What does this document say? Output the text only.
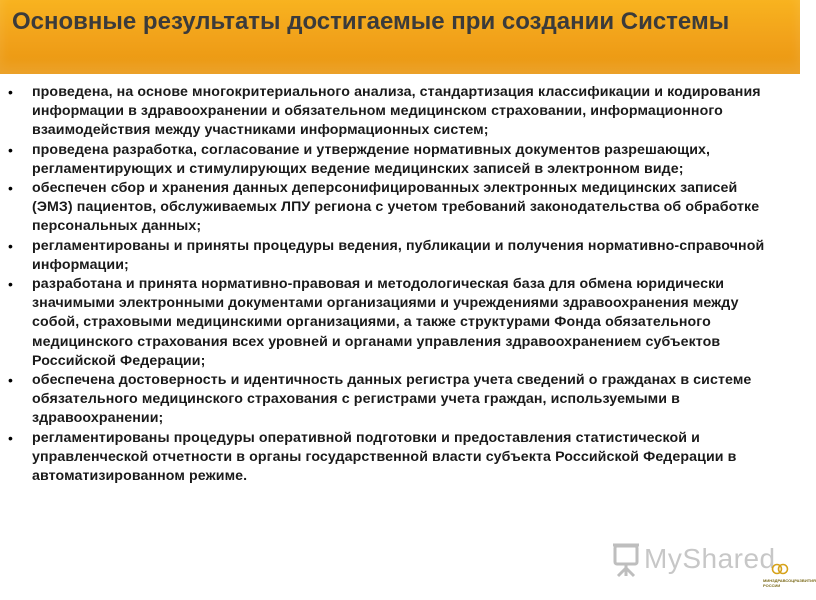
Основные результаты достигаемые при создании Системы
• проведена, на основе многокритериального анализа, стандартизация классификации и кодирования информации в здравоохранении и обязательном медицинском страховании, информационного взаимодействия между участниками информационных систем;
• проведена разработка, согласование и утверждение нормативных документов разрешающих, регламентирующих и стимулирующих ведение медицинских записей в электронном виде;
• обеспечен сбор и хранения данных деперсонифицированных электронных медицинских записей (ЭМЗ) пациентов, обслуживаемых ЛПУ региона с учетом требований законодательства об обработке персональных данных;
• регламентированы и приняты процедуры ведения, публикации и получения нормативно-справочной информации;
• разработана и принята нормативно-правовая и методологическая база для обмена юридически значимыми электронными документами организациями и учреждениями здравоохранения между собой, страховыми медицинскими организациями, а также структурами Фонда обязательного медицинского страхования всех уровней и органами управления здравоохранением субъектов Российской Федерации;
• обеспечена достоверность и идентичность данных регистра учета сведений о гражданах в системе обязательного медицинского страхования с регистрами учета граждан, используемыми в здравоохранении;
• регламентированы процедуры оперативной подготовки и предоставления статистической и управленческой отчетности в органы государственной власти субъекта Российской Федерации в автоматизированном режиме.
MyShared
МИНЗДРАВСОЦРАЗВИТИЯ РОССИИ
